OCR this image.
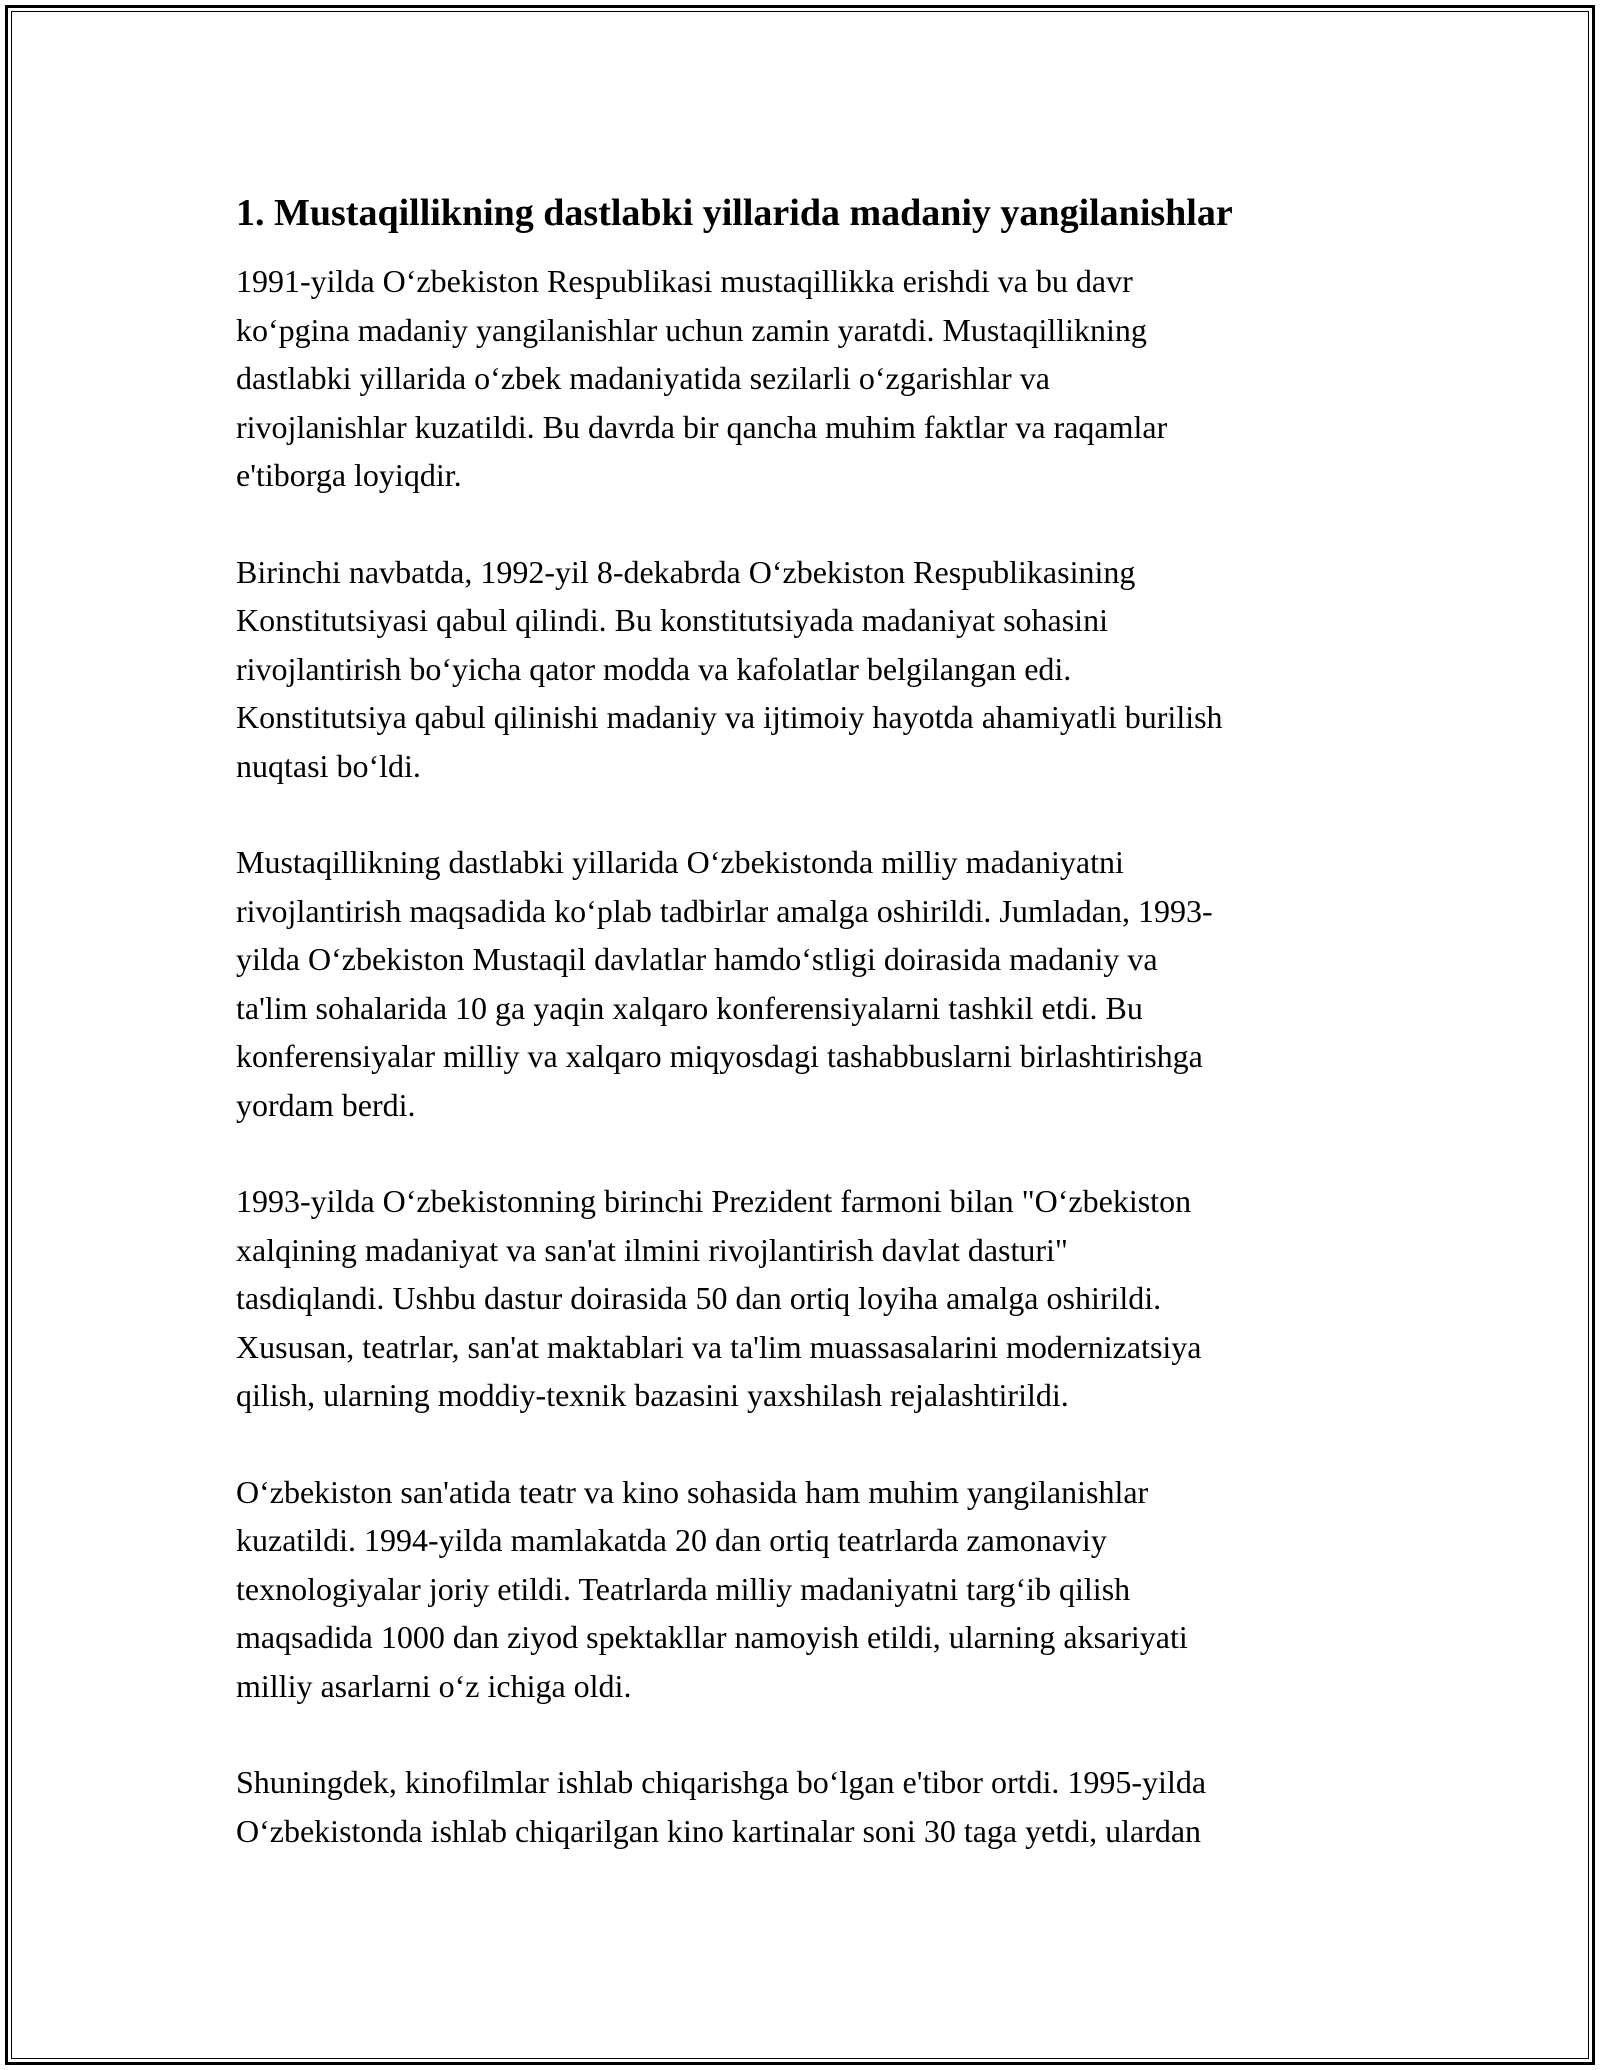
1. Mustaqillikning dastlabki yillarida madaniy yangilanishlar
1991-yilda Oʻzbekiston Respublikasi mustaqillikka erishdi va bu davr
koʻpgina madaniy yangilanishlar uchun zamin yaratdi. Mustaqillikning
dastlabki yillarida oʻzbek madaniyatida sezilarli oʻzgarishlar va
rivojlanishlar kuzatildi. Bu davrda bir qancha muhim faktlar va raqamlar
e'tiborga loyiqdir.
Birinchi navbatda, 1992-yil 8-dekabrda Oʻzbekiston Respublikasining
Konstitutsiyasi qabul qilindi. Bu konstitutsiyada madaniyat sohasini
rivojlantirish boʻyicha qator modda va kafolatlar belgilangan edi.
Konstitutsiya qabul qilinishi madaniy va ijtimoiy hayotda ahamiyatli burilish
nuqtasi boʻldi.
Mustaqillikning dastlabki yillarida Oʻzbekistonda milliy madaniyatni
rivojlantirish maqsadida koʻplab tadbirlar amalga oshirildi. Jumladan, 1993-
yilda Oʻzbekiston Mustaqil davlatlar hamdoʻstligi doirasida madaniy va
ta'lim sohalarida 10 ga yaqin xalqaro konferensiyalarni tashkil etdi. Bu
konferensiyalar milliy va xalqaro miqyosdagi tashabbuslarni birlashtirishga
yordam berdi.
1993-yilda Oʻzbekistonning birinchi Prezident farmoni bilan "Oʻzbekiston
xalqining madaniyat va san'at ilmini rivojlantirish davlat dasturi"
tasdiqlandi. Ushbu dastur doirasida 50 dan ortiq loyiha amalga oshirildi.
Xususan, teatrlar, san'at maktablari va ta'lim muassasalarini modernizatsiya
qilish, ularning moddiy-texnik bazasini yaxshilash rejalashtirildi.
Oʻzbekiston san'atida teatr va kino sohasida ham muhim yangilanishlar
kuzatildi. 1994-yilda mamlakatda 20 dan ortiq teatrlarda zamonaviy
texnologiyalar joriy etildi. Teatrlarda milliy madaniyatni targʻib qilish
maqsadida 1000 dan ziyod spektakllar namoyish etildi, ularning aksariyati
milliy asarlarni oʻz ichiga oldi.
Shuningdek, kinofilmlar ishlab chiqarishga boʻlgan e'tibor ortdi. 1995-yilda
Oʻzbekistonda ishlab chiqarilgan kino kartinalar soni 30 taga yetdi, ulardan
